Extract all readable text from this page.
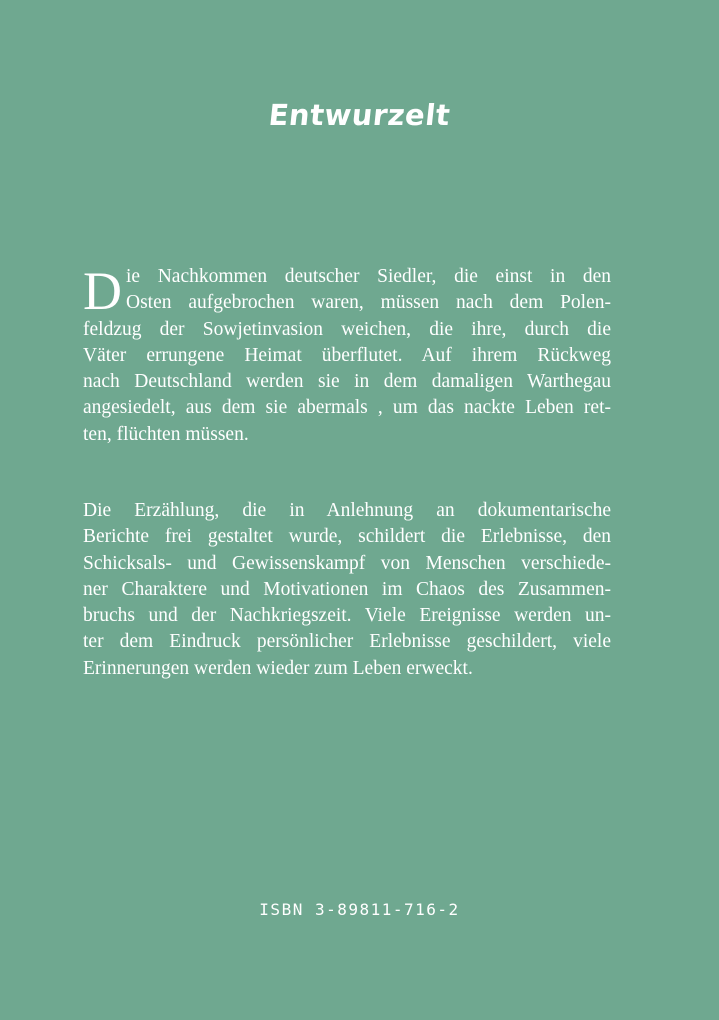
Entwurzelt
D ie Nachkommen deutscher Siedler, die einst in den
Osten aufgebrochen waren, müssen nach dem Polen-
feldzug der Sowjetinvasion weichen, die ihre, durch die
Väter errungene Heimat überflutet. Auf ihrem Rückweg
nach Deutschland werden sie in dem damaligen Warthegau
angesiedelt, aus dem sie abermals , um das nackte Leben ret-
ten, flüchten müssen.
Die Erzählung, die in Anlehnung an dokumentarische
Berichte frei gestaltet wurde, schildert die Erlebnisse, den
Schicksals- und Gewissenskampf von Menschen verschiede-
ner Charaktere und Motivationen im Chaos des Zusammen-
bruchs und der Nachkriegszeit. Viele Ereignisse werden un-
ter dem Eindruck persönlicher Erlebnisse geschildert, viele
Erinnerungen werden wieder zum Leben erweckt.
ISBN 3-89811-716-2
